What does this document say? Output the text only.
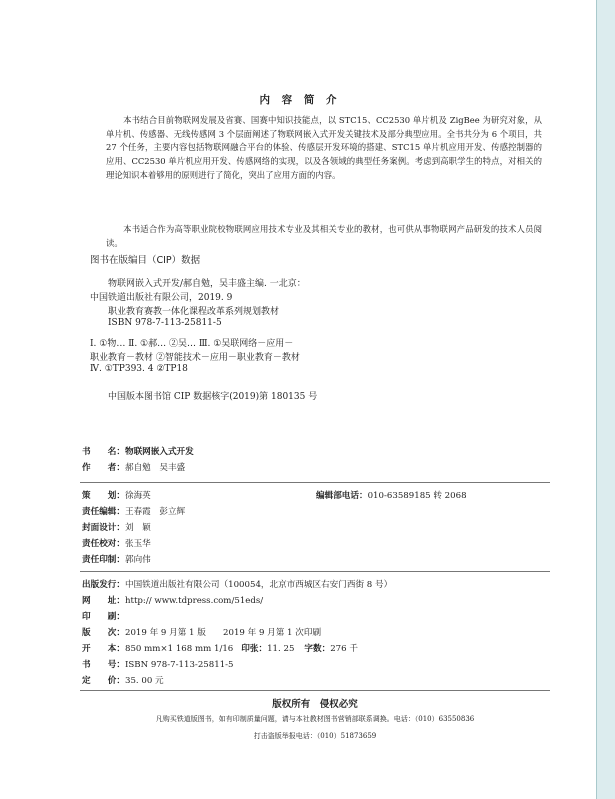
内 容 简 介
本书结合目前物联网发展及省赛、国赛中知识技能点，以 STC15、CC2530 单片机及 ZigBee 为研究对象，从单片机、传感器、无线传感网 3 个层面阐述了物联网嵌入式开发关键技术及部分典型应用。全书共分为 6 个项目，共 27 个任务，主要内容包括物联网融合平台的体验、传感层开发环境的搭建、STC15 单片机应用开发、传感控制器的应用、CC2530 单片机应用开发、传感网络的实现，以及各领域的典型任务案例。考虑到高职学生的特点，对相关的理论知识本着够用的原则进行了简化，突出了应用方面的内容。
本书适合作为高等职业院校物联网应用技术专业及其相关专业的教材，也可供从事物联网产品研发的技术人员阅读。
图书在版编目（CIP）数据
物联网嵌入式开发/郝自勉，吴丰盛主编. 一北京：
中国铁道出版社有限公司，2019. 9
职业教育赛教一体化课程改革系列规划教材
ISBN 978-7-113-25811-5
Ⅰ. ①物… Ⅱ. ①郝… ②吴… Ⅲ. ①吴联网络－应用－
职业教育－教材 ②智能技术－应用－职业教育－教材
Ⅳ. ①TP393. 4 ②TP18
中国版本图书馆 CIP 数据核字(2019)第 180135 号
书　　名：物联网嵌入式开发
作　　者：郝自勉　吴丰盛
策　　划：徐海英	编辑部电话：010-63589185 转 2068
责任编辑：王春霞　彭立辉
封面设计：刘　颖
责任校对：张玉华
责任印制：郭向伟
出版发行：中国铁道出版社有限公司（100054，北京市西城区右安门西街 8 号）
网　　址：http:// www.tdpress.com/51eds/
印　　刷：
版　　次：2019 年 9 月第 1 版　　2019 年 9 月第 1 次印刷
开　　本：850 mm×1 168 mm 1/16 印张：11. 25 字数：276 千
书　　号：ISBN 978-7-113-25811-5
定　　价：35. 00 元
版权所有　侵权必究
凡购买铁道版图书，如有印制质量问题，请与本社教材图书营销部联系调换。电话：（010）63550836
打击盗版举报电话：（010）51873659
